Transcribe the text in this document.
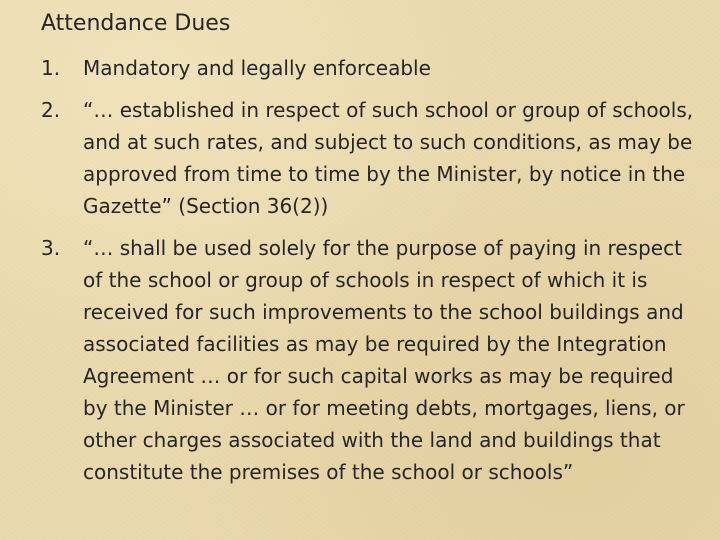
Attendance Dues
1. Mandatory and legally enforceable
2. “… established in respect of such school or group of schools, and at such rates, and subject to such conditions, as may be approved from time to time by the Minister, by notice in the Gazette” (Section 36(2))
3. “… shall be used solely for the purpose of paying in respect of the school or group of schools in respect of which it is received for such improvements to the school buildings and associated facilities as may be required by the Integration Agreement … or for such capital works as may be required by the Minister … or for meeting debts, mortgages, liens, or other charges associated with the land and buildings that constitute the premises of the school or schools”
